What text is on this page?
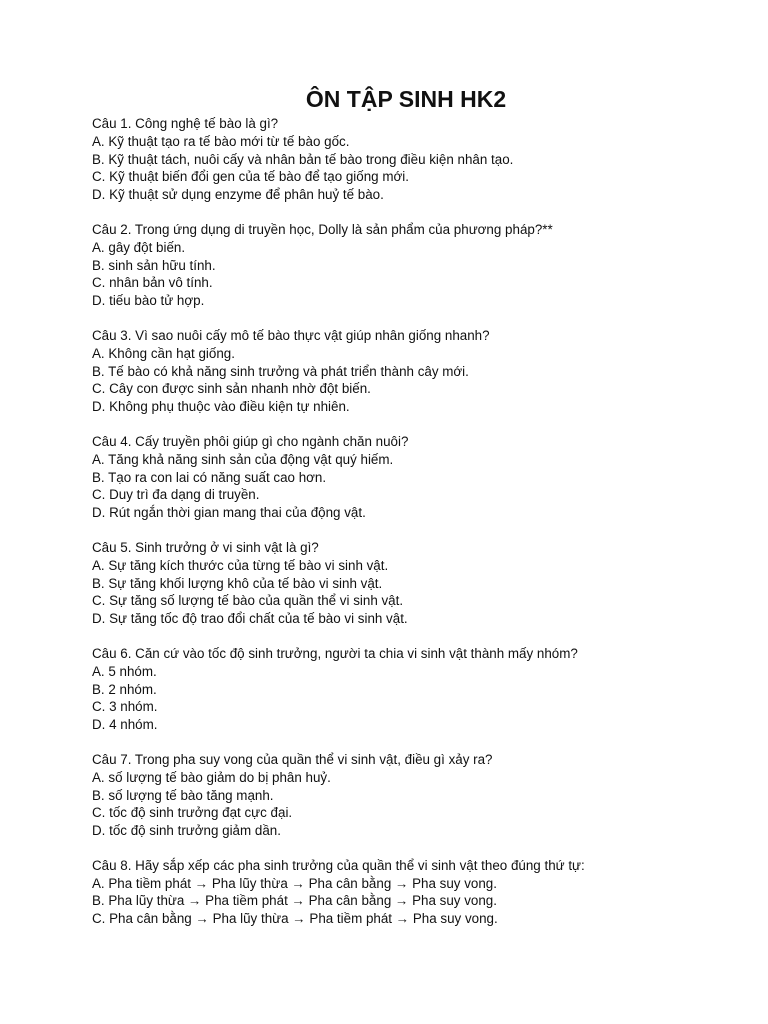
ÔN TẬP SINH HK2
Câu 1. Công nghệ tế bào là gì?
A. Kỹ thuật tạo ra tế bào mới từ tế bào gốc.
B. Kỹ thuật tách, nuôi cấy và nhân bản tế bào trong điều kiện nhân tạo.
C. Kỹ thuật biến đổi gen của tế bào để tạo giống mới.
D. Kỹ thuật sử dụng enzyme để phân huỷ tế bào.
Câu 2. Trong ứng dụng di truyền học, Dolly là sản phẩm của phương pháp?**
A. gây đột biến.
B. sinh sản hữu tính.
C. nhân bản vô tính.
D. tiếu bào tử hợp.
Câu 3. Vì sao nuôi cấy mô tế bào thực vật giúp nhân giống nhanh?
A. Không cần hạt giống.
B. Tế bào có khả năng sinh trưởng và phát triển thành cây mới.
C. Cây con được sinh sản nhanh nhờ đột biến.
D. Không phụ thuộc vào điều kiện tự nhiên.
Câu 4. Cấy truyền phôi giúp gì cho ngành chăn nuôi?
A. Tăng khả năng sinh sản của động vật quý hiếm.
B. Tạo ra con lai có năng suất cao hơn.
C. Duy trì đa dạng di truyền.
D. Rút ngắn thời gian mang thai của động vật.
Câu 5. Sinh trưởng ở vi sinh vật là gì?
A. Sự tăng kích thước của từng tế bào vi sinh vật.
B. Sự tăng khối lượng khô của tế bào vi sinh vật.
C. Sự tăng số lượng tế bào của quần thể vi sinh vật.
D. Sự tăng tốc độ trao đổi chất của tế bào vi sinh vật.
Câu 6. Căn cứ vào tốc độ sinh trưởng, người ta chia vi sinh vật thành mấy nhóm?
A. 5 nhóm.
B. 2 nhóm.
C. 3 nhóm.
D. 4 nhóm.
Câu 7. Trong pha suy vong của quần thể vi sinh vật, điều gì xảy ra?
A. số lượng tế bào giảm do bị phân huỷ.
B. số lượng tế bào tăng mạnh.
C. tốc độ sinh trưởng đạt cực đại.
D. tốc độ sinh trưởng giảm dần.
Câu 8. Hãy sắp xếp các pha sinh trưởng của quần thể vi sinh vật theo đúng thứ tự:
A. Pha tiềm phát → Pha lũy thừa → Pha cân bằng → Pha suy vong.
B. Pha lũy thừa → Pha tiềm phát → Pha cân bằng → Pha suy vong.
C. Pha cân bằng → Pha lũy thừa → Pha tiềm phát → Pha suy vong.
